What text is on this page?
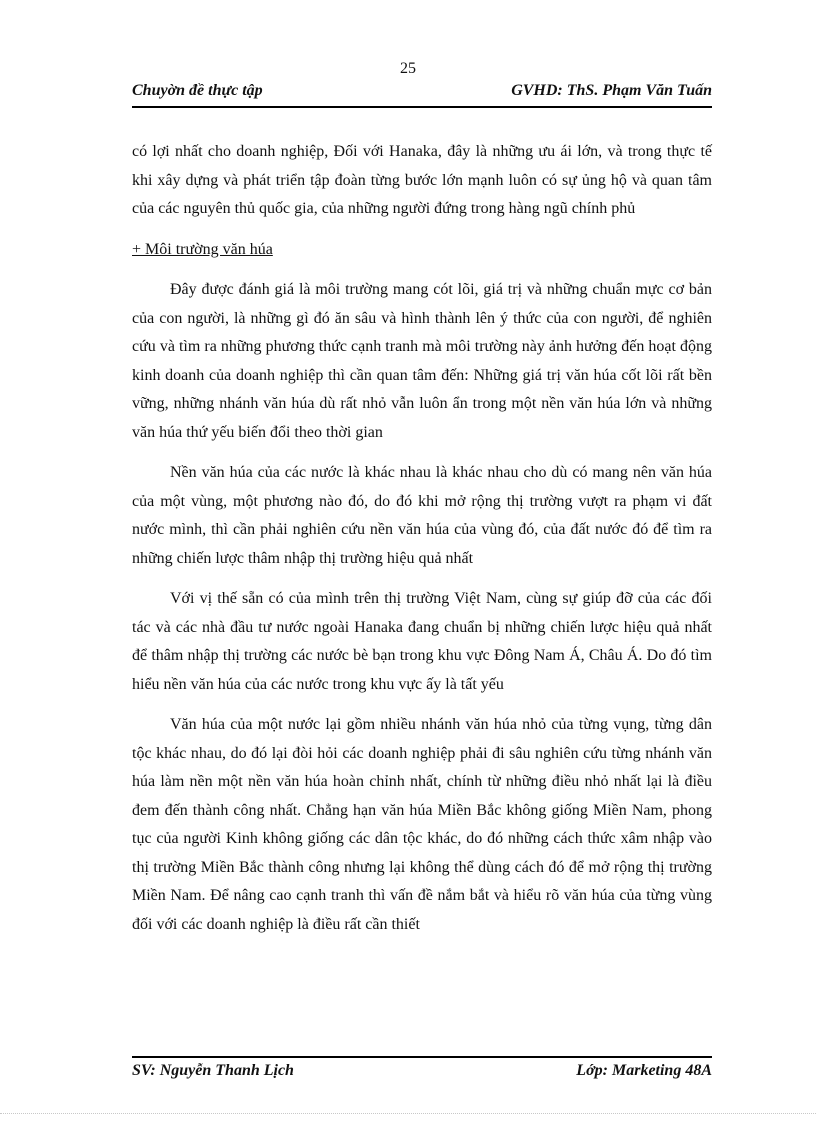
25
Chuyờn đề thực tập	GVHD: ThS. Phạm Văn Tuấn

có lợi nhất cho doanh nghiệp, Đối với Hanaka, đây là những ưu ái lớn, và trong thực tế khi xây dựng và phát triển tập đoàn từng bước lớn mạnh luôn có sự ủng hộ và quan tâm của các nguyên thủ quốc gia, của những người đứng trong hàng ngũ chính phủ

+ Môi trường văn húa

Đây được đánh giá là môi trường mang cót lõi, giá trị và những chuẩn mực cơ bản của con người, là những gì đó ăn sâu và hình thành lên ý thức của con người, để nghiên cứu và tìm ra những phương thức cạnh tranh mà môi trường này ảnh hưởng đến hoạt động kinh doanh của doanh nghiệp thì cần quan tâm đến: Những giá trị văn húa cốt lõi rất bền vững, những nhánh văn húa dù rất nhỏ vẫn luôn ẩn trong một nền văn húa lớn và những văn húa thứ yếu biến đổi theo thời gian

Nền văn húa của các nước là khác nhau là khác nhau cho dù có mang nên văn húa của một vùng, một phương nào đó, do đó khi mở rộng thị trường vượt ra phạm vi đất nước mình, thì cần phải nghiên cứu nền văn húa của vùng đó, của đất nước đó để tìm ra những chiến lược thâm nhập thị trường hiệu quả nhất

Với vị thế sẵn có của mình trên thị trường Việt Nam, cùng sự giúp đỡ của các đối tác và các nhà đầu tư nước ngoài Hanaka đang chuẩn bị những chiến lược hiệu quả nhất để thâm nhập thị trường các nước bè bạn trong khu vực Đông Nam Á, Châu Á. Do đó tìm hiểu nền văn húa của các nước trong khu vực ấy là tất yếu

Văn húa của một nước lại gồm nhiều nhánh văn húa nhỏ của từng vụng, từng dân tộc khác nhau, do đó lại đòi hỏi các doanh nghiệp phải đi sâu nghiên cứu từng nhánh văn húa làm nền một nền văn húa hoàn chỉnh nhất, chính từ những điều nhỏ nhất lại là điều đem đến thành công nhất. Chẳng hạn văn húa Miền Bắc không giống Miền Nam, phong tục của người Kinh không giống các dân tộc khác, do đó những cách thức xâm nhập vào thị trường Miền Bắc thành công nhưng lại không thể dùng cách đó để mở rộng thị trường Miền Nam. Để nâng cao cạnh tranh thì vấn đề nắm bắt và hiểu rõ văn húa của từng vùng đối với các doanh nghiệp là điều rất cần thiết

SV: Nguyễn Thanh Lịch	Lớp: Marketing 48A
